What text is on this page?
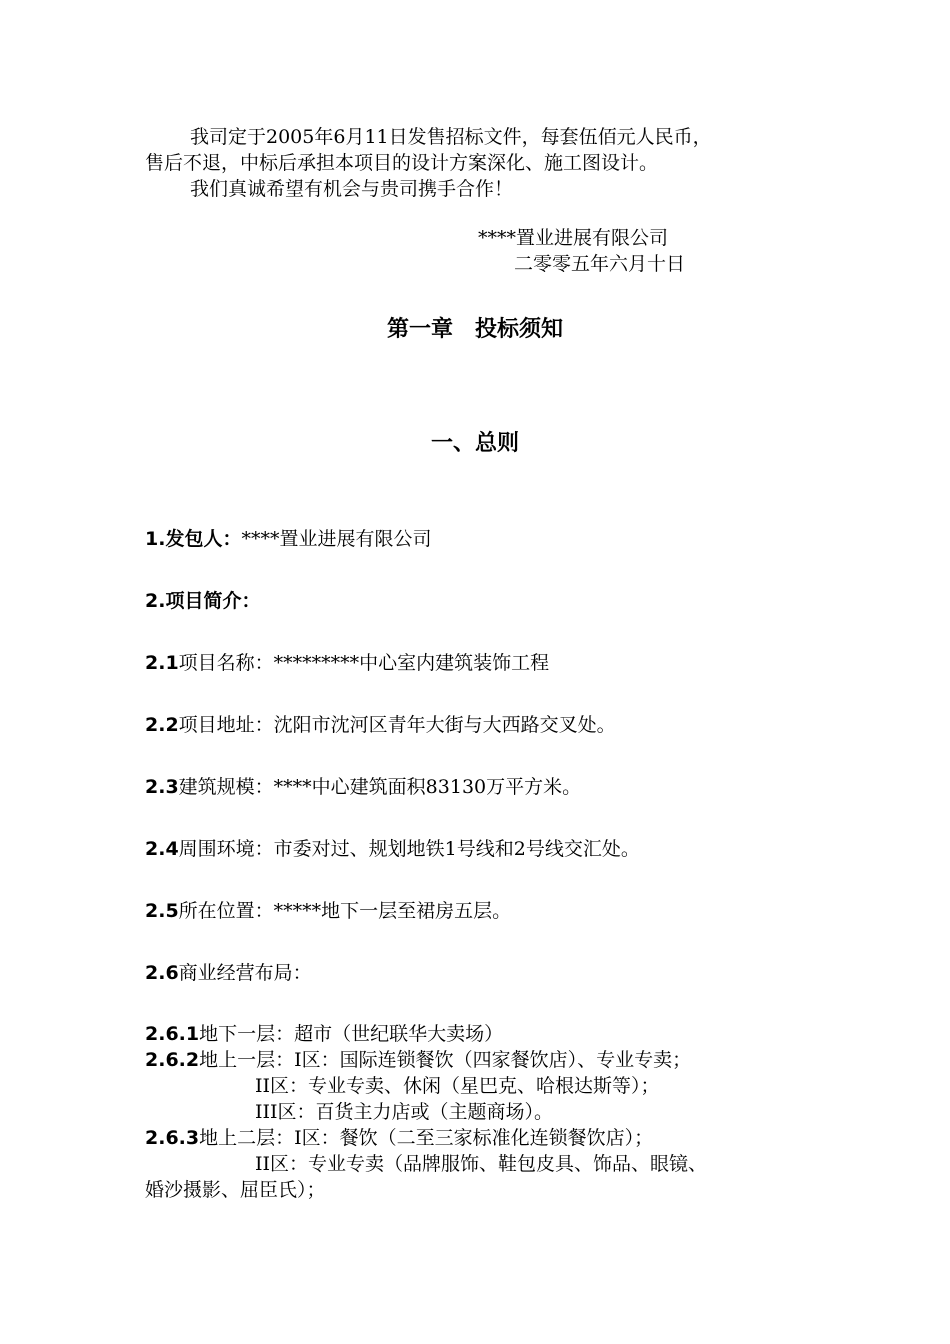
我司定于2005年6月11日发售招标文件，每套伍佰元人民币，
售后不退，中标后承担本项目的设计方案深化、施工图设计。
我们真诚希望有机会与贵司携手合作！
****置业进展有限公司
二零零五年六月十日
第一章　投标须知
一、总则
1.发包人：****置业进展有限公司
2.项目简介：
2.1项目名称：*********中心室内建筑装饰工程
2.2项目地址：沈阳市沈河区青年大街与大西路交叉处。
2.3建筑规模：****中心建筑面积83130万平方米。
2.4周围环境：市委对过、规划地铁1号线和2号线交汇处。
2.5所在位置：*****地下一层至裙房五层。
2.6商业经营布局：
2.6.1地下一层：超市（世纪联华大卖场）
2.6.2地上一层：I区：国际连锁餐饮（四家餐饮店）、专业专卖；
II区：专业专卖、休闲（星巴克、哈根达斯等）；
III区：百货主力店或（主题商场）。
2.6.3地上二层：I区：餐饮（二至三家标准化连锁餐饮店）；
II区：专业专卖（品牌服饰、鞋包皮具、饰品、眼镜、
婚沙摄影、屈臣氏）；
